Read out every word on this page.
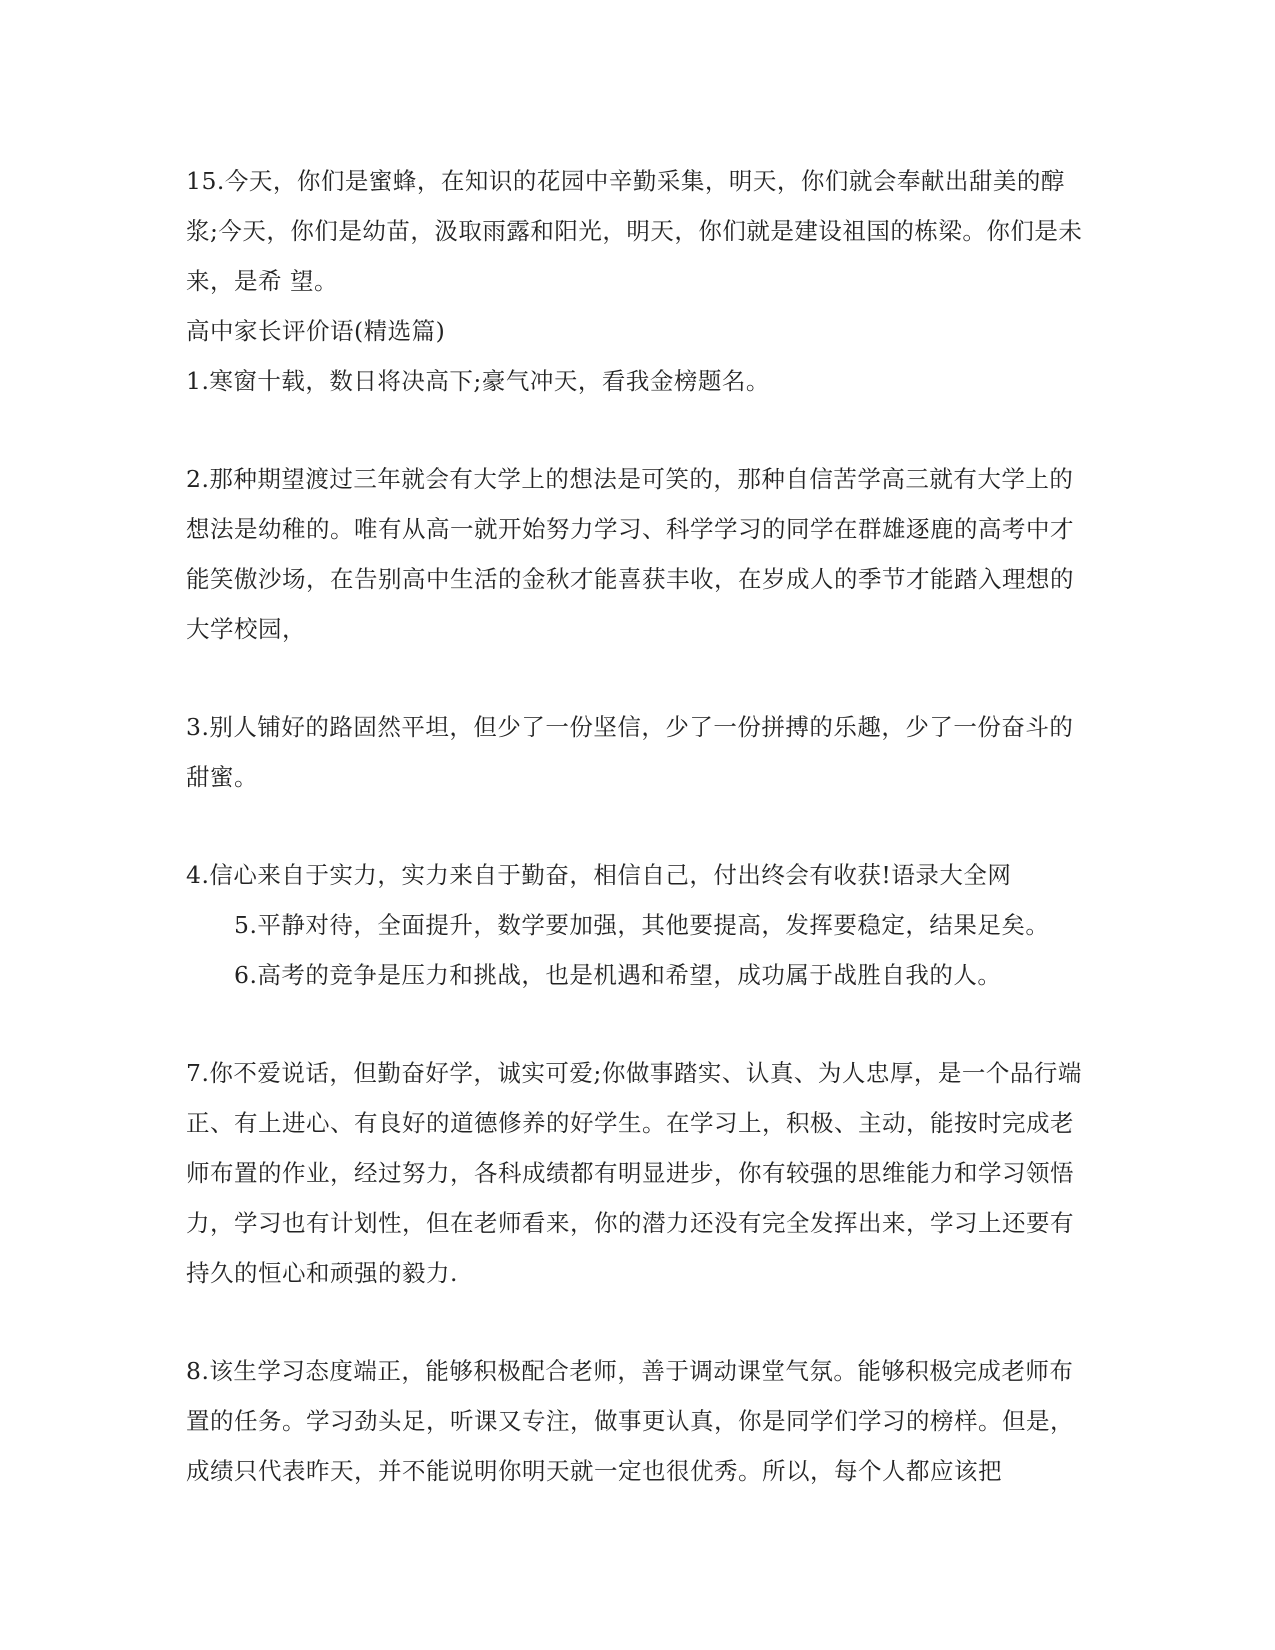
15.今天，你们是蜜蜂，在知识的花园中辛勤采集，明天，你们就会奉献出甜美的醇浆;今天，你们是幼苗，汲取雨露和阳光，明天，你们就是建设祖国的栋梁。你们是未来，是希 望。

高中家长评价语(精选篇)

1.寒窗十载，数日将决高下;豪气冲天，看我金榜题名。

2.那种期望渡过三年就会有大学上的想法是可笑的，那种自信苦学高三就有大学上的想法是幼稚的。唯有从高一就开始努力学习、科学学习的同学在群雄逐鹿的高考中才能笑傲沙场，在告别高中生活的金秋才能喜获丰收，在岁成人的季节才能踏入理想的大学校园，

3.别人铺好的路固然平坦，但少了一份坚信，少了一份拼搏的乐趣，少了一份奋斗的甜蜜。

4.信心来自于实力，实力来自于勤奋，相信自己，付出终会有收获!语录大全网

5.平静对待，全面提升，数学要加强，其他要提高，发挥要稳定，结果足矣。

6.高考的竞争是压力和挑战，也是机遇和希望，成功属于战胜自我的人。

7.你不爱说话，但勤奋好学，诚实可爱;你做事踏实、认真、为人忠厚，是一个品行端正、有上进心、有良好的道德修养的好学生。在学习上，积极、主动，能按时完成老师布置的作业，经过努力，各科成绩都有明显进步，你有较强的思维能力和学习领悟力，学习也有计划性，但在老师看来，你的潜力还没有完全发挥出来，学习上还要有持久的恒心和顽强的毅力.

8.该生学习态度端正，能够积极配合老师，善于调动课堂气氛。能够积极完成老师布置的任务。学习劲头足，听课又专注，做事更认真，你是同学们学习的榜样。但是，成绩只代表昨天，并不能说明你明天就一定也很优秀。所以，每个人都应该把
